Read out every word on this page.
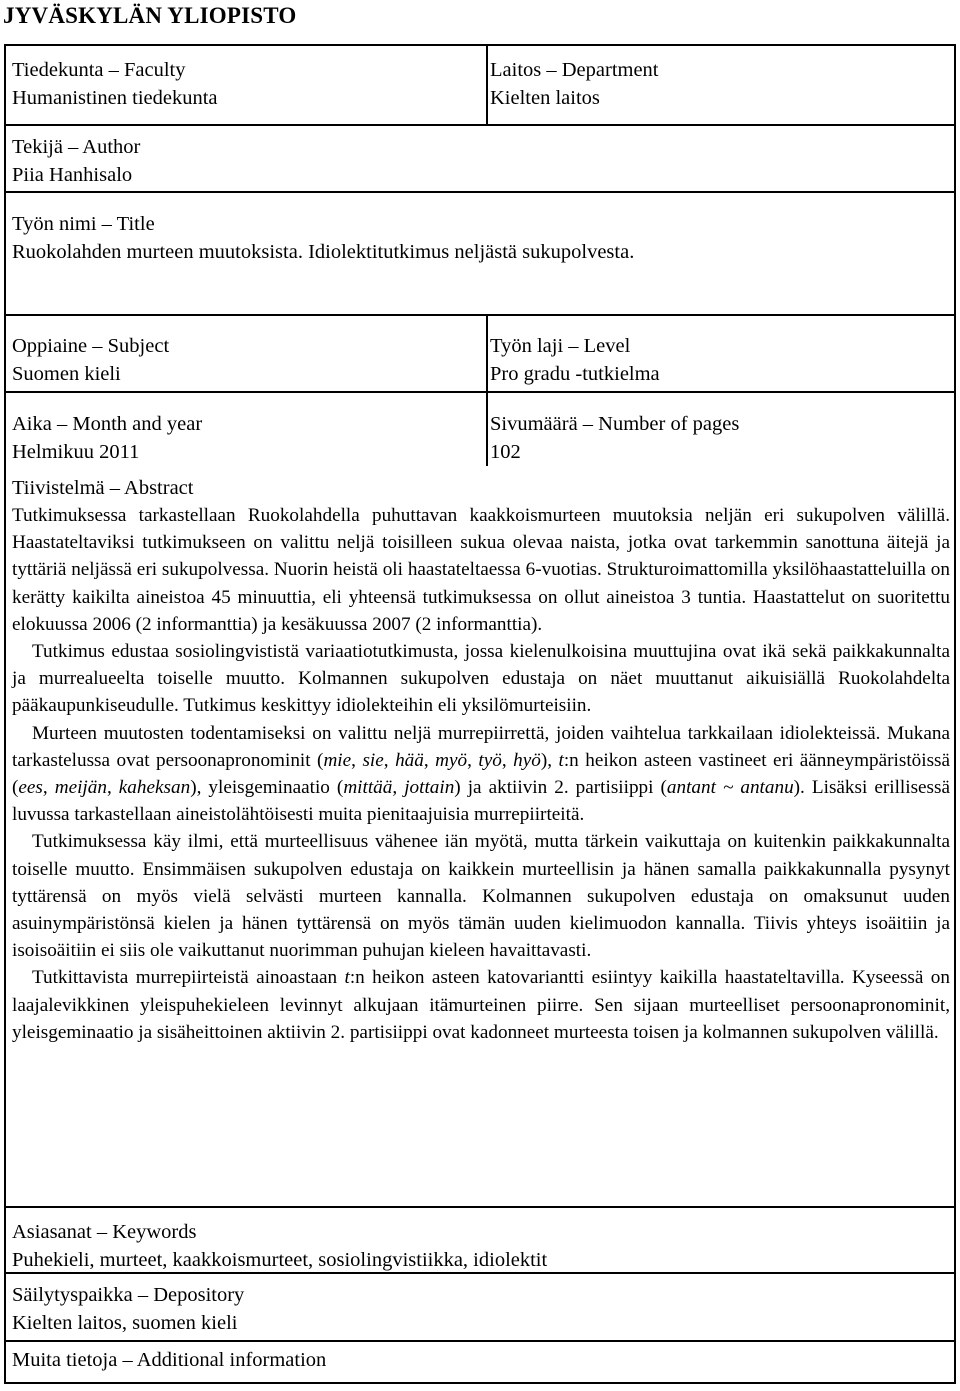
JYVÄSKYLÄN YLIOPISTO
Tiedekunta – Faculty
Humanistinen tiedekunta
Laitos – Department
Kielten laitos
Tekijä – Author
Piia Hanhisalo
Työn nimi – Title
Ruokolahden murteen muutoksista. Idiolektitutkimus neljästä sukupolvesta.
Oppiaine – Subject
Suomen kieli
Työn laji – Level
Pro gradu -tutkielma
Aika – Month and year
Helmikuu 2011
Sivumäärä – Number of pages
102
Tiivistelmä – Abstract

Tutkimuksessa tarkastellaan Ruokolahdella puhuttavan kaakkoismurteen muutoksia neljän eri sukupolven välillä. Haastateltaviksi tutkimukseen on valittu neljä toisilleen sukua olevaa naista, jotka ovat tarkemmin sanottuna äitejä ja tyttäriä neljässä eri sukupolvessa. Nuorin heistä oli haastateltaessa 6-vuotias. Strukturoimattomilla yksilöhaastatteluilla on kerätty kaikilta aineistoa 45 minuuttia, eli yhteensä tutkimuksessa on ollut aineistoa 3 tuntia. Haastattelut on suoritettu elokuussa 2006 (2 informanttia) ja kesäkuussa 2007 (2 informanttia).

Tutkimus edustaa sosiolingvististä variaatiotutkimusta, jossa kielenulkoisina muuttujina ovat ikä sekä paikkakunnalta ja murrealueelta toiselle muutto. Kolmannen sukupolven edustaja on näet muuttanut aikuisiällä Ruokolahdelta pääkaupunkiseudulle. Tutkimus keskittyy idiolekteihin eli yksilömurteisiin.

Murteen muutosten todentamiseksi on valittu neljä murrepiirrettä, joiden vaihtelua tarkkailaan idiolekteissä. Mukana tarkastelussa ovat persoonapronominit (mie, sie, hää, myö, työ, hyö), t:n heikon asteen vastineet eri äänneympäristöissä (ees, meijän, kaheksan), yleisgeminaatio (mittää, jottain) ja aktiivin 2. partisiippi (antant ~ antanu). Lisäksi erillisessä luvussa tarkastellaan aineistolähtöisesti muita pienitaajuisia murrepiirteitä.

Tutkimuksessa käy ilmi, että murteellisuus vähenee iän myötä, mutta tärkein vaikuttaja on kuitenkin paikkakunnalta toiselle muutto. Ensimmäisen sukupolven edustaja on kaikkein murteellisin ja hänen samalla paikkakunnalla pysynyt tyttärensä on myös vielä selvästi murteen kannalla. Kolmannen sukupolven edustaja on omaksunut uuden asuinympäristönsä kielen ja hänen tyttärensä on myös tämän uuden kielimuodon kannalla. Tiivis yhteys isoäitiin ja isoisoäitiin ei siis ole vaikuttanut nuorimman puhujan kieleen havaittavasti.

Tutkittavista murrepiirteistä ainoastaan t:n heikon asteen katovariantti esiintyy kaikilla haastateltavilla. Kyseessä on laajalevikkinen yleispuhekieleen levinnyt alkujaan itämurteinen piirre. Sen sijaan murteelliset persoonapronominit, yleisgeminaatio ja sisäheittoinen aktiivin 2. partisiippi ovat kadonneet murteesta toisen ja kolmannen sukupolven välillä.

Asiasanat – Keywords
Puhekieli, murteet, kaakkoismurteet, sosiolingvistiikka, idiolektit
Säilytyspaikka – Depository
Kielten laitos, suomen kieli
Muita tietoja – Additional information
